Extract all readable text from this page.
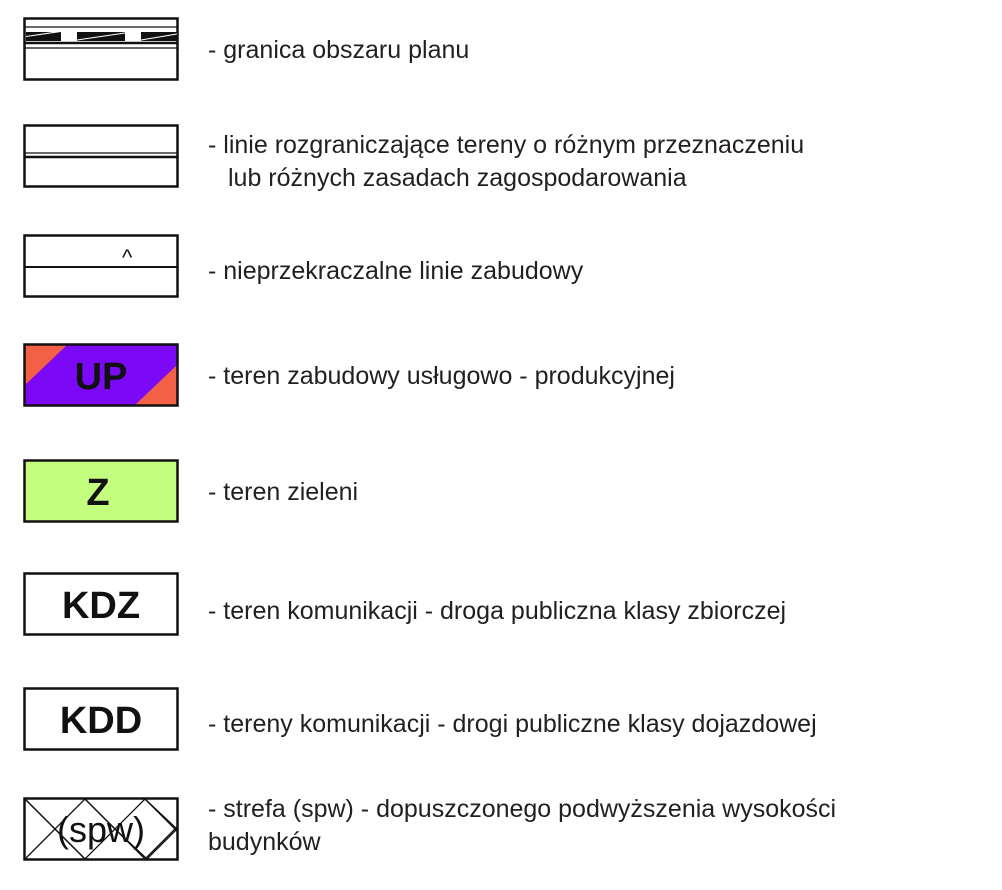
- granica obszaru planu
- linie rozgraniczające tereny o różnym przeznaczeniu
lub różnych zasadach zagospodarowania
^	- nieprzekraczalne linie zabudowy
UP	- teren zabudowy usługowo - produkcyjnej
Z	- teren zieleni
KDZ	- teren komunikacji - droga publiczna klasy zbiorczej
KDD	- tereny komunikacji - drogi publiczne klasy dojazdowej
(spw)	- strefa (spw) - dopuszczonego podwyższenia wysokości
budynków
